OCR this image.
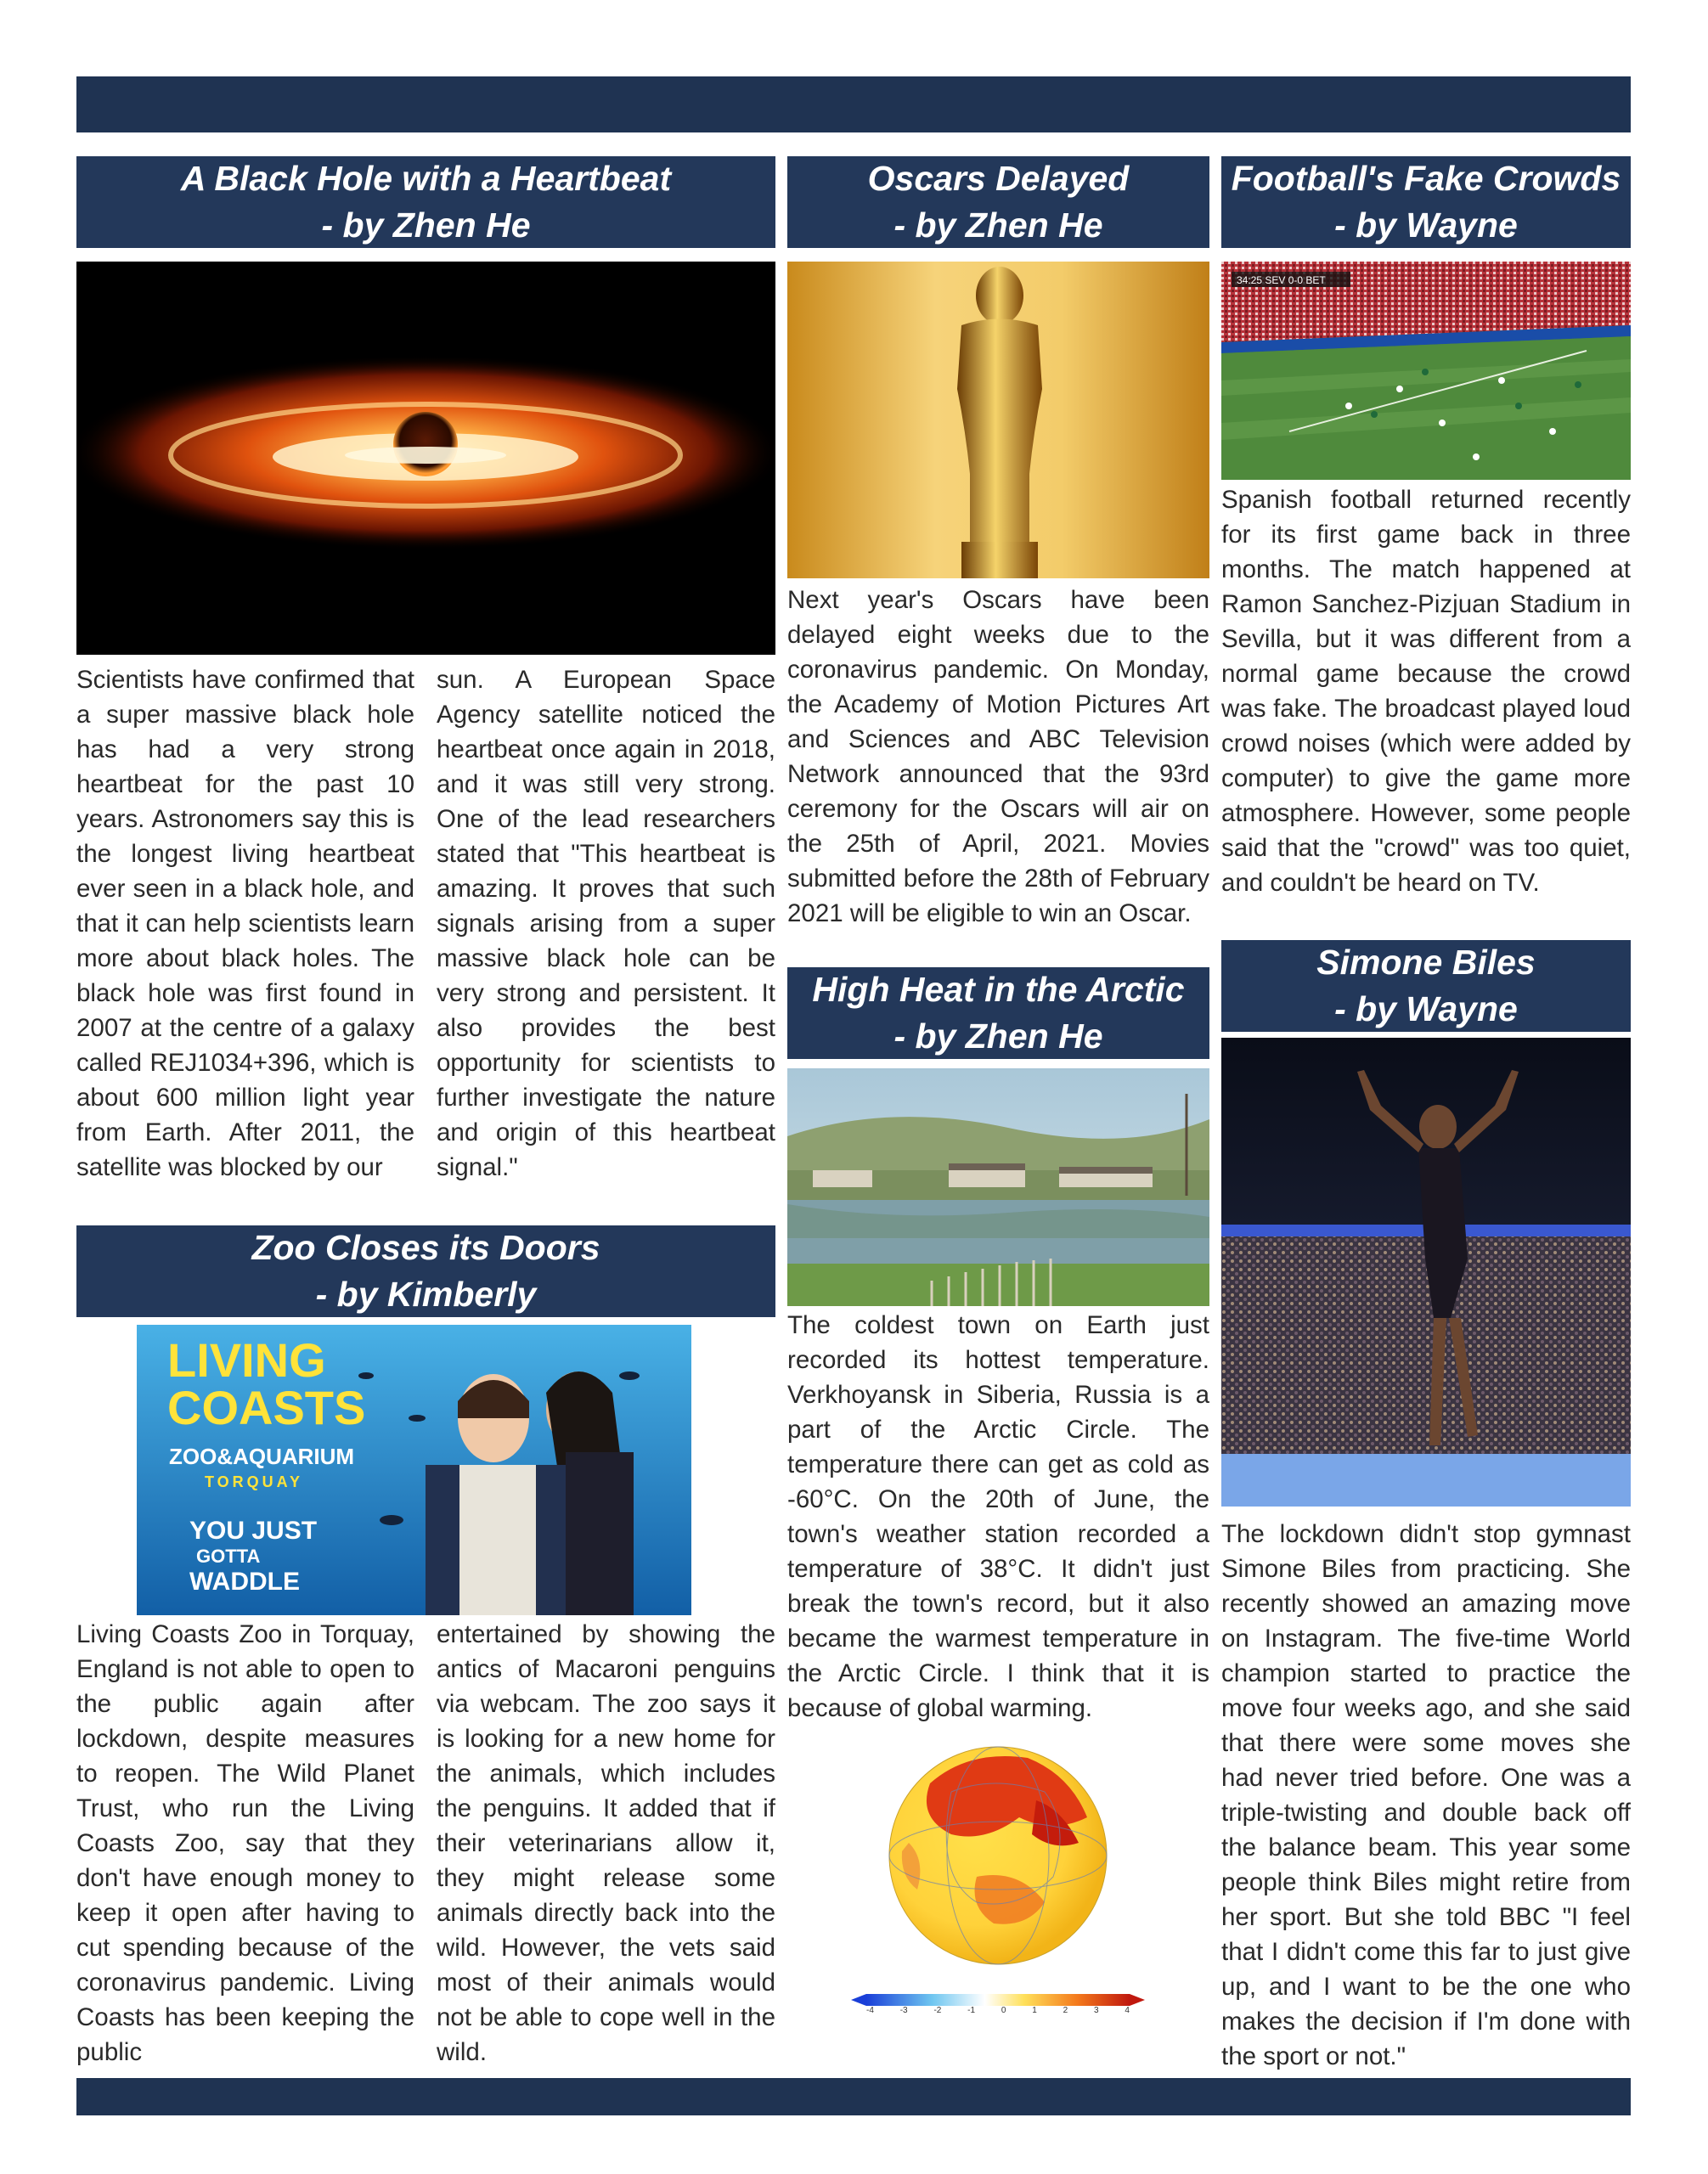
A Black Hole with a Heartbeat
- by Zhen He
Scientists have confirmed that a super massive black hole has had a very strong heartbeat for the past 10 years. Astronomers say this is the longest living heartbeat ever seen in a black hole, and that it can help scientists learn more about black holes. The black hole was first found in 2007 at the centre of a galaxy called REJ1034+396, which is about 600 million light year from Earth. After 2011, the satellite was blocked by our
sun. A European Space Agency satellite noticed the heartbeat once again in 2018, and it was still very strong. One of the lead researchers stated that "This heartbeat is amazing. It proves that such signals arising from a super massive black hole can be very strong and persistent. It also provides the best opportunity for scientists to further investigate the nature and origin of this heartbeat signal."
Oscars Delayed
- by Zhen He
Next year's Oscars have been delayed eight weeks due to the coronavirus pandemic. On Monday, the Academy of Motion Pictures Art and Sciences and ABC Television Network announced that the 93rd ceremony for the Oscars will air on the 25th of April, 2021. Movies submitted before the 28th of February 2021 will be eligible to win an Oscar.
Football's Fake Crowds
- by Wayne
34:25 SEV 0-0 BET
Spanish football returned recently for its first game back in three months. The match happened at Ramon Sanchez-Pizjuan Stadium in Sevilla, but it was different from a normal game because the crowd was fake. The broadcast played loud crowd noises (which were added by computer) to give the game more atmosphere. However, some people said that the "crowd" was too quiet, and couldn't be heard on TV.
Zoo Closes its Doors
- by Kimberly
LIVING
COASTS
ZOO&AQUARIUM
TORQUAY
YOU JUST
GOTTA
WADDLE
Living Coasts Zoo in Torquay, England is not able to open to the public again after lockdown, despite measures to reopen. The Wild Planet Trust, who run the Living Coasts Zoo, say that they don't have enough money to keep it open after having to cut spending because of the coronavirus pandemic. Living Coasts has been keeping the public
entertained by showing the antics of Macaroni penguins via webcam. The zoo says it is looking for a new home for the animals, which includes the penguins. It added that if their veterinarians allow it, they might release some animals directly back into the wild. However, the vets said most of their animals would not be able to cope well in the wild.
High Heat in the Arctic
- by Zhen He
The coldest town on Earth just recorded its hottest temperature. Verkhoyansk in Siberia, Russia is a part of the Arctic Circle. The temperature there can get as cold as -60°C. On the 20th of June, the town's weather station recorded a temperature of 38°C. It didn't just break the town's record, but it also became the warmest temperature in the Arctic Circle. I think that it is because of global warming.
-4	-3	-2	-1	0	1	2	3	4
Simone Biles
- by Wayne
The lockdown didn't stop gymnast Simone Biles from practicing. She recently showed an amazing move on Instagram. The five-time World champion started to practice the move four weeks ago, and she said that there were some moves she had never tried before. One was a triple-twisting and double back off the balance beam. This year some people think Biles might retire from her sport. But she told BBC "I feel that I didn't come this far to just give up, and I want to be the one who makes the decision if I'm done with the sport or not."
